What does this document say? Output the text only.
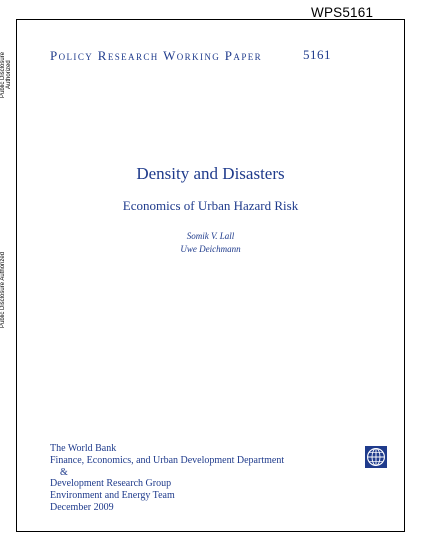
WPS5161
Public Disclosure Authorized
Public Disclosure Authorized
Policy Research Working Paper	5161
Density and Disasters
Economics of Urban Hazard Risk
Somik V. Lall
Uwe Deichmann
The World Bank
Finance, Economics, and Urban Development Department
&
Development Research Group
Environment and Energy Team
December 2009
